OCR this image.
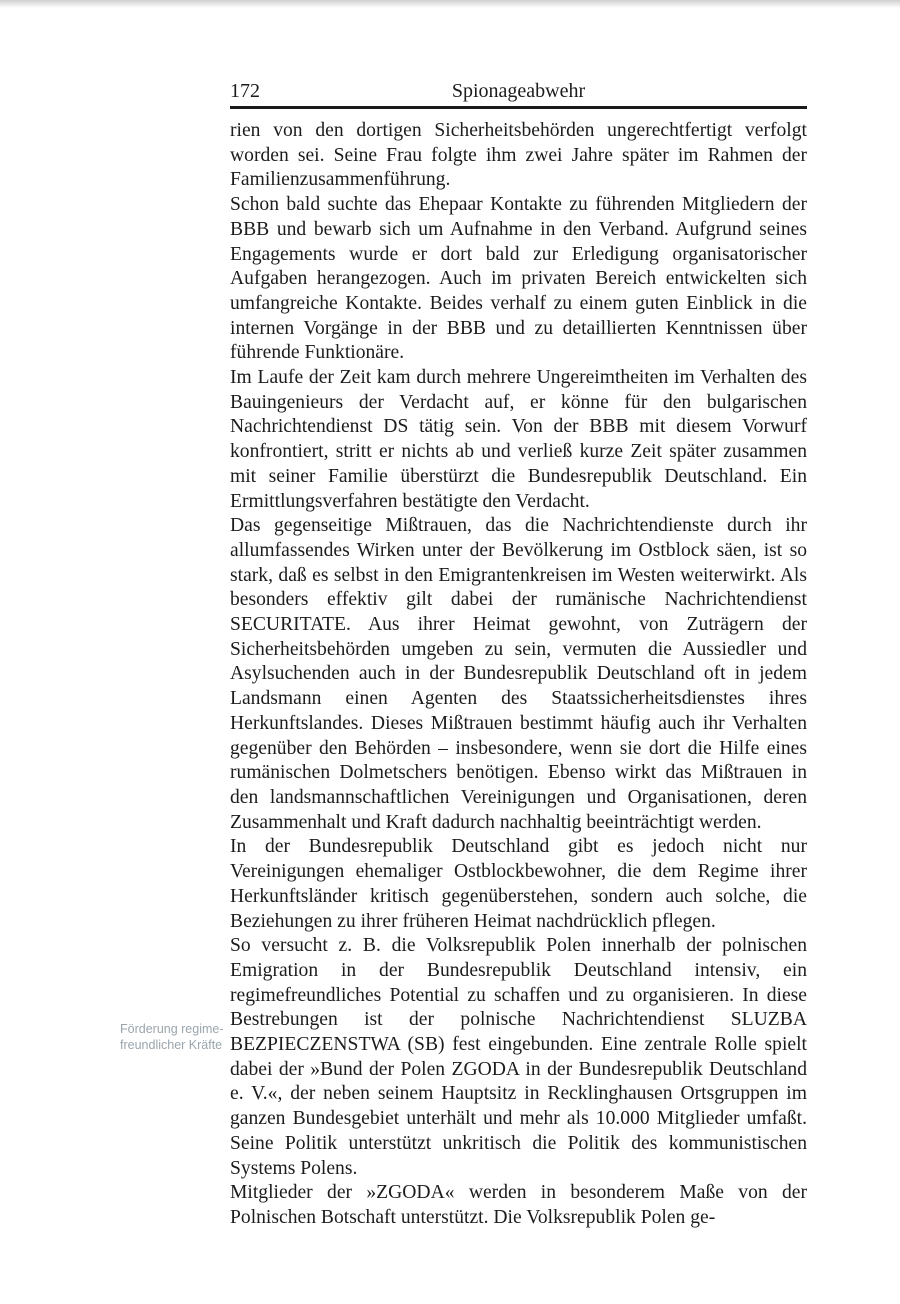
172	Spionageabwehr
Förderung regime-
freundlicher Kräfte

rien von den dortigen Sicherheitsbehörden ungerechtfertigt verfolgt worden sei. Seine Frau folgte ihm zwei Jahre später im Rahmen der Familienzusammenführung.

Schon bald suchte das Ehepaar Kontakte zu führenden Mitgliedern der BBB und bewarb sich um Aufnahme in den Verband. Aufgrund seines Engagements wurde er dort bald zur Erledigung organisatorischer Aufgaben herangezogen. Auch im privaten Bereich entwickelten sich umfangreiche Kontakte. Beides verhalf zu einem guten Einblick in die internen Vorgänge in der BBB und zu detaillierten Kenntnissen über führende Funktionäre.

Im Laufe der Zeit kam durch mehrere Ungereimtheiten im Verhalten des Bauingenieurs der Verdacht auf, er könne für den bulgarischen Nachrichtendienst DS tätig sein. Von der BBB mit diesem Vorwurf konfrontiert, stritt er nichts ab und verließ kurze Zeit später zusammen mit seiner Familie überstürzt die Bundesrepublik Deutschland. Ein Ermittlungsverfahren bestätigte den Verdacht.

Das gegenseitige Mißtrauen, das die Nachrichtendienste durch ihr allumfassendes Wirken unter der Bevölkerung im Ostblock säen, ist so stark, daß es selbst in den Emigrantenkreisen im Westen weiterwirkt. Als besonders effektiv gilt dabei der rumänische Nachrichtendienst SECURITATE. Aus ihrer Heimat gewohnt, von Zuträgern der Sicherheitsbehörden umgeben zu sein, vermuten die Aussiedler und Asylsuchenden auch in der Bundesrepublik Deutschland oft in jedem Landsmann einen Agenten des Staatssicherheitsdienstes ihres Herkunftslandes. Dieses Mißtrauen bestimmt häufig auch ihr Verhalten gegenüber den Behörden – insbesondere, wenn sie dort die Hilfe eines rumänischen Dolmetschers benötigen. Ebenso wirkt das Mißtrauen in den landsmannschaftlichen Vereinigungen und Organisationen, deren Zusammenhalt und Kraft dadurch nachhaltig beeinträchtigt werden.

In der Bundesrepublik Deutschland gibt es jedoch nicht nur Vereinigungen ehemaliger Ostblockbewohner, die dem Regime ihrer Herkunftsländer kritisch gegenüberstehen, sondern auch solche, die Beziehungen zu ihrer früheren Heimat nachdrücklich pflegen.

So versucht z. B. die Volksrepublik Polen innerhalb der polnischen Emigration in der Bundesrepublik Deutschland intensiv, ein regimefreundliches Potential zu schaffen und zu organisieren. In diese Bestrebungen ist der polnische Nachrichtendienst SLUZBA BEZPIECZENSTWA (SB) fest eingebunden. Eine zentrale Rolle spielt dabei der »Bund der Polen ZGODA in der Bundesrepublik Deutschland e. V.«, der neben seinem Hauptsitz in Recklinghausen Ortsgruppen im ganzen Bundesgebiet unterhält und mehr als 10.000 Mitglieder umfaßt. Seine Politik unterstützt unkritisch die Politik des kommunistischen Systems Polens.

Mitglieder der »ZGODA« werden in besonderem Maße von der Polnischen Botschaft unterstützt. Die Volksrepublik Polen ge-
